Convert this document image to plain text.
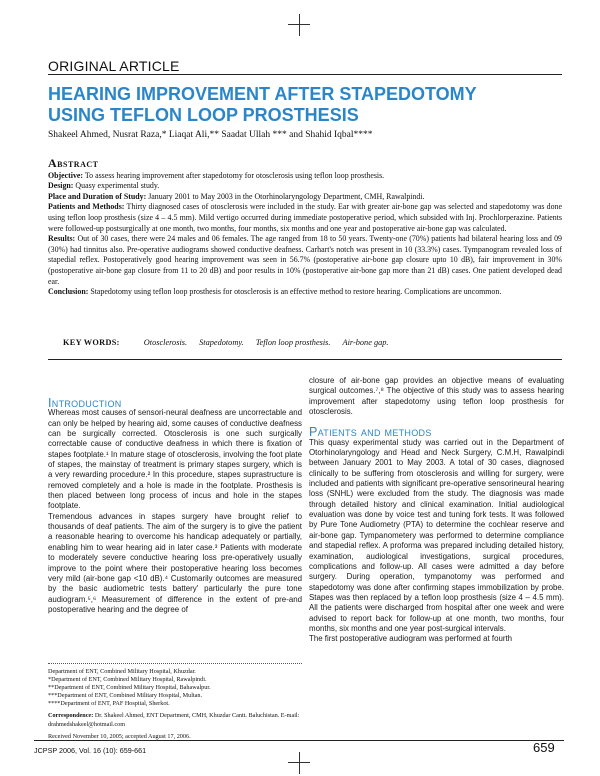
ORIGINAL ARTICLE
HEARING IMPROVEMENT AFTER STAPEDOTOMY
USING TEFLON LOOP PROSTHESIS
Shakeel Ahmed, Nusrat Raza,* Liaqat Ali,** Saadat Ullah *** and Shahid Iqbal****
Abstract

Objective: To assess hearing improvement after stapedotomy for otosclerosis using teflon loop prosthesis.

Design: Quasy experimental study.

Place and Duration of Study: January 2001 to May 2003 in the Otorhinolaryngology Department, CMH, Rawalpindi.

Patients and Methods: Thirty diagnosed cases of otosclerosis were included in the study. Ear with greater air-bone gap was selected and stapedotomy was done using teflon loop prosthesis (size 4 – 4.5 mm). Mild vertigo occurred during immediate postoperative period, which subsided with Inj. Prochlorperazine. Patients were followed-up postsurgically at one month, two months, four months, six months and one year and postoperative air-bone gap was calculated.

Results: Out of 30 cases, there were 24 males and 06 females. The age ranged from 18 to 50 years. Twenty-one (70%) patients had bilateral hearing loss and 09 (30%) had tinnitus also. Pre-operative audiograms showed conductive deafness. Carhart's notch was present in 10 (33.3%) cases. Tympanogram revealed loss of stapedial reflex. Postoperatively good hearing improvement was seen in 56.7% (postoperative air-bone gap closure upto 10 dB), fair improvement in 30% (postoperative air-bone gap closure from 11 to 20 dB) and poor results in 10% (postoperative air-bone gap more than 21 dB) cases. One patient developed dead ear.

Conclusion: Stapedotomy using teflon loop prosthesis for otosclerosis is an effective method to restore hearing. Complications are uncommon.

KEY WORDS:	Otosclerosis. Stapedotomy. Teflon loop prosthesis. Air-bone gap.
Introduction

Whereas most causes of sensori-neural deafness are uncorrectable and can only be helped by hearing aid, some causes of conductive deafness can be surgically corrected. Otosclerosis is one such surgically correctable cause of conductive deafness in which there is fixation of stapes footplate.¹ In mature stage of otosclerosis, involving the foot plate of stapes, the mainstay of treatment is primary stapes surgery, which is a very rewarding procedure.² In this procedure, stapes suprastructure is removed completely and a hole is made in the footplate. Prosthesis is then placed between long process of incus and hole in the stapes footplate.

Tremendous advances in stapes surgery have brought relief to thousands of deaf patients. The aim of the surgery is to give the patient a reasonable hearing to overcome his handicap adequately or partially, enabling him to wear hearing aid in later case.³ Patients with moderate to moderately severe conductive hearing loss pre-operatively usually improve to the point where their postoperative hearing loss becomes very mild (air-bone gap <10 dB).⁴ Customarily outcomes are measured by the basic audiometric tests battery' particularly the pure tone audiogram.⁵,⁶ Measurement of difference in the extent of pre-and postoperative hearing and the degree of

Department of ENT, Combined Military Hospital, Khuzdar.

*Department of ENT, Combined Military Hospital, Rawalpindi.

**Department of ENT, Combined Military Hospital, Bahawalpur.

***Department of ENT, Combined Military Hospital, Multan.

****Department of ENT, PAF Hospital, Sherkot.

Correspondence: Dr. Shakeel Ahmed, ENT Department, CMH, Khuzdar Cantt. Baluchistan. E-mail: drahmedshakeel@hotmail.com

Received November 10, 2005; accepted August 17, 2006.

closure of air-bone gap provides an objective means of evaluating surgical outcomes.⁷,⁸ The objective of this study was to assess hearing improvement after stapedotomy using teflon loop prosthesis for otosclerosis.

Patients and methods

This quasy experimental study was carried out in the Department of Otorhinolaryngology and Head and Neck Surgery, C.M.H, Rawalpindi between January 2001 to May 2003. A total of 30 cases, diagnosed clinically to be suffering from otosclerosis and willing for surgery, were included and patients with significant pre-operative sensorineural hearing loss (SNHL) were excluded from the study. The diagnosis was made through detailed history and clinical examination. Initial audiological evaluation was done by voice test and tuning fork tests. It was followed by Pure Tone Audiometry (PTA) to determine the cochlear reserve and air-bone gap. Tympanometery was performed to determine compliance and stapedial reflex. A proforma was prepared including detailed history, examination, audiological investigations, surgical procedures, complications and follow-up. All cases were admitted a day before surgery. During operation, tympanotomy was performed and stapedotomy was done after confirming stapes immobilization by probe. Stapes was then replaced by a teflon loop prosthesis (size 4 – 4.5 mm). All the patients were discharged from hospital after one week and were advised to report back for follow-up at one month, two months, four months, six months and one year post-surgical intervals.

The first postoperative audiogram was performed at fourth

JCPSP 2006, Vol. 16 (10): 659-661	659
